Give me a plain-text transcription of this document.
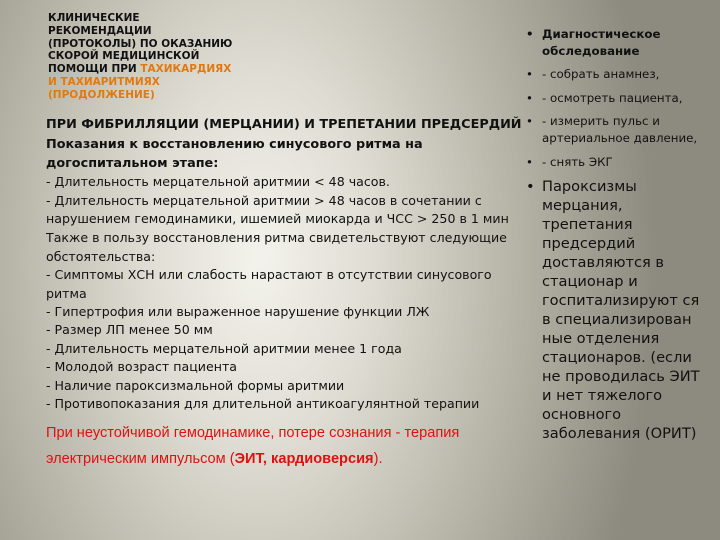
КЛИНИЧЕСКИЕ
РЕКОМЕНДАЦИИ
(ПРОТОКОЛЫ) ПО ОКАЗАНИЮ
СКОРОЙ МЕДИЦИНСКОЙ
ПОМОЩИ ПРИ ТАХИКАРДИЯХ
И ТАХИАРИТМИЯХ
(ПРОДОЛЖЕНИЕ)

ПРИ ФИБРИЛЛЯЦИИ (МЕРЦАНИИ) И ТРЕПЕТАНИИ ПРЕДСЕРДИЙ

Показания к восстановлению синусового ритма на догоспитальном этапе:

- Длительность мерцательной аритмии < 48 часов.

- Длительность мерцательной аритмии > 48 часов в сочетании с нарушением гемодинамики, ишемией миокарда и ЧСС > 250 в 1 мин

Также в пользу восстановления ритма свидетельствуют следующие обстоятельства:

- Симптомы ХСН или слабость нарастают в отсутствии синусового ритма

- Гипертрофия или выраженное нарушение функции ЛЖ

- Размер ЛП менее 50 мм

- Длительность мерцательной аритмии менее 1 года

- Молодой возраст пациента

- Наличие пароксизмальной формы аритмии

- Противопоказания для длительной антикоагулянтной терапии

При неустойчивой гемодинамике, потере сознания - терапия электрическим импульсом (ЭИТ, кардиоверсия).

• Диагностическое обследование
• - собрать анамнез,
• - осмотреть пациента,
• - измерить пульс и артериальное давление,
• - снять ЭКГ
• Пароксизмы мерцания, трепетания предсердий доставляются в стационар и госпитализируют ся в специализирован ные отделения стационаров. (если не проводилась ЭИТ и нет тяжелого основного заболевания (ОРИТ)
